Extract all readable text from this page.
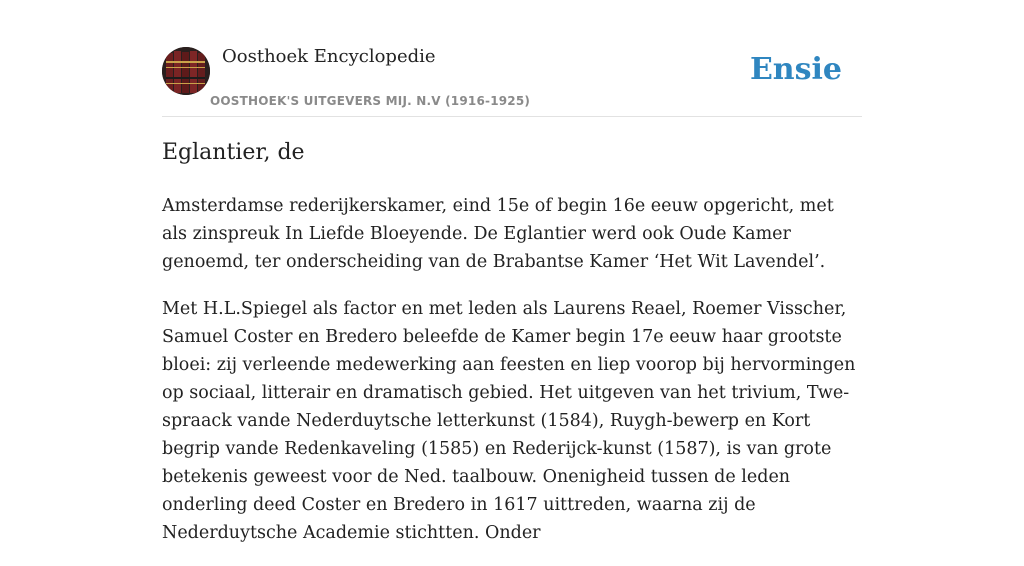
Oosthoek Encyclopedie
OOSTHOEK'S UITGEVERS MIJ. N.V (1916-1925)
Ensie
Eglantier, de

Amsterdamse rederijkerskamer, eind 15e of begin 16e eeuw opgericht, met als zinspreuk In Liefde Bloeyende. De Eglantier werd ook Oude Kamer genoemd, ter onderscheiding van de Brabantse Kamer ‘Het Wit Lavendel’.

Met H.L.Spiegel als factor en met leden als Laurens Reael, Roemer Visscher, Samuel Coster en Bredero beleefde de Kamer begin 17e eeuw haar grootste bloei: zij verleende medewerking aan feesten en liep voorop bij hervormingen op sociaal, litterair en dramatisch gebied. Het uitgeven van het trivium, Twe-spraack vande Nederduytsche letterkunst (1584), Ruygh-bewerp en Kort begrip vande Redenkaveling (1585) en Rederijck-kunst (1587), is van grote betekenis geweest voor de Ned. taalbouw. Onenigheid tussen de leden onderling deed Coster en Bredero in 1617 uittreden, waarna zij de Nederduytsche Academie stichtten. Onder
